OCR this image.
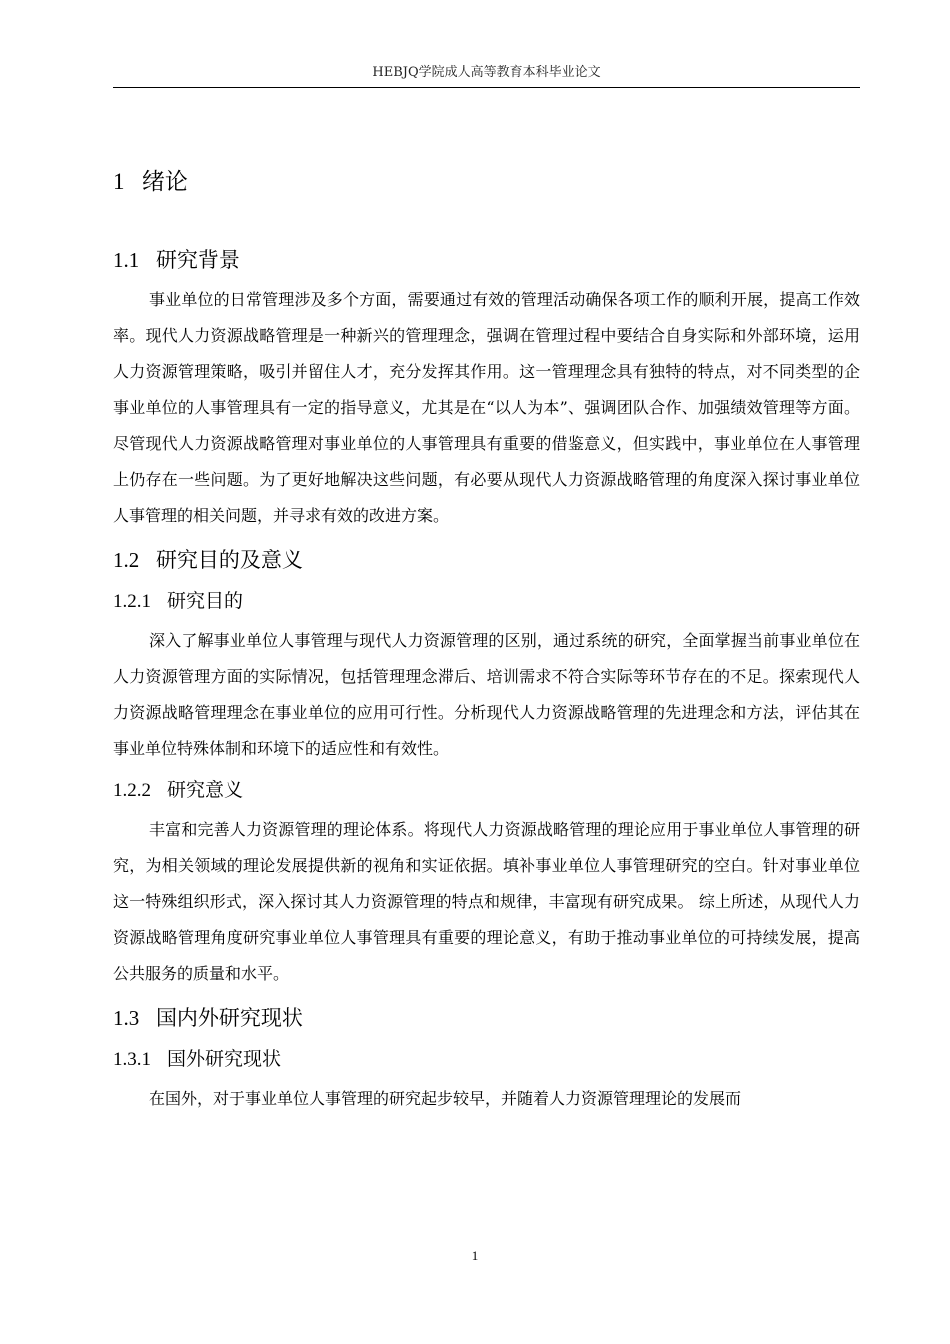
HEBJQ学院成人高等教育本科毕业论文
1 绪论
1.1 研究背景

事业单位的日常管理涉及多个方面，需要通过有效的管理活动确保各项工作的顺利开展，提高工作效率。现代人力资源战略管理是一种新兴的管理理念，强调在管理过程中要结合自身实际和外部环境，运用人力资源管理策略，吸引并留住人才，充分发挥其作用。这一管理理念具有独特的特点，对不同类型的企事业单位的人事管理具有一定的指导意义，尤其是在“以人为本”、强调团队合作、加强绩效管理等方面。尽管现代人力资源战略管理对事业单位的人事管理具有重要的借鉴意义，但实践中，事业单位在人事管理上仍存在一些问题。为了更好地解决这些问题，有必要从现代人力资源战略管理的角度深入探讨事业单位人事管理的相关问题，并寻求有效的改进方案。

1.2 研究目的及意义
1.2.1 研究目的

深入了解事业单位人事管理与现代人力资源管理的区别，通过系统的研究，全面掌握当前事业单位在人力资源管理方面的实际情况，包括管理理念滞后、培训需求不符合实际等环节存在的不足。探索现代人力资源战略管理理念在事业单位的应用可行性。分析现代人力资源战略管理的先进理念和方法，评估其在事业单位特殊体制和环境下的适应性和有效性。

1.2.2 研究意义

丰富和完善人力资源管理的理论体系。将现代人力资源战略管理的理论应用于事业单位人事管理的研究，为相关领域的理论发展提供新的视角和实证依据。填补事业单位人事管理研究的空白。针对事业单位这一特殊组织形式，深入探讨其人力资源管理的特点和规律，丰富现有研究成果。 综上所述，从现代人力资源战略管理角度研究事业单位人事管理具有重要的理论意义，有助于推动事业单位的可持续发展，提高公共服务的质量和水平。

1.3 国内外研究现状
1.3.1 国外研究现状

在国外，对于事业单位人事管理的研究起步较早，并随着人力资源管理理论的发展而

1
